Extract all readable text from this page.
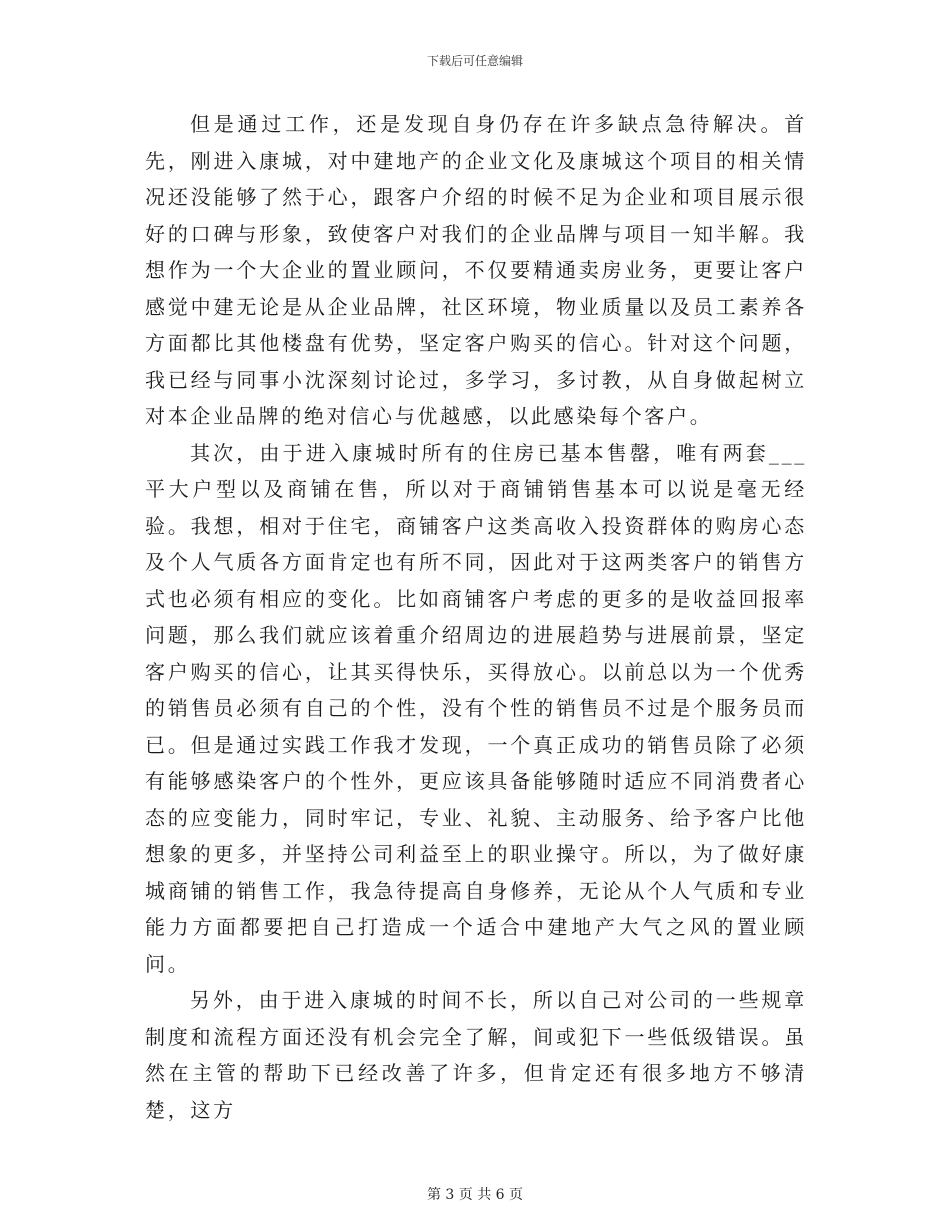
下载后可任意编辑

但是通过工作，还是发现自身仍存在许多缺点急待解决。首先，刚进入康城，对中建地产的企业文化及康城这个项目的相关情况还没能够了然于心，跟客户介绍的时候不足为企业和项目展示很好的口碑与形象，致使客户对我们的企业品牌与项目一知半解。我想作为一个大企业的置业顾问，不仅要精通卖房业务，更要让客户感觉中建无论是从企业品牌，社区环境，物业质量以及员工素养各方面都比其他楼盘有优势，坚定客户购买的信心。针对这个问题，我已经与同事小沈深刻讨论过，多学习，多讨教，从自身做起树立对本企业品牌的绝对信心与优越感，以此感染每个客户。

其次，由于进入康城时所有的住房已基本售罄，唯有两套___平大户型以及商铺在售，所以对于商铺销售基本可以说是毫无经验。我想，相对于住宅，商铺客户这类高收入投资群体的购房心态及个人气质各方面肯定也有所不同，因此对于这两类客户的销售方式也必须有相应的变化。比如商铺客户考虑的更多的是收益回报率问题，那么我们就应该着重介绍周边的进展趋势与进展前景，坚定客户购买的信心，让其买得快乐，买得放心。以前总以为一个优秀的销售员必须有自己的个性，没有个性的销售员不过是个服务员而已。但是通过实践工作我才发现，一个真正成功的销售员除了必须有能够感染客户的个性外，更应该具备能够随时适应不同消费者心态的应变能力，同时牢记，专业、礼貌、主动服务、给予客户比他想象的更多，并坚持公司利益至上的职业操守。所以，为了做好康城商铺的销售工作，我急待提高自身修养，无论从个人气质和专业能力方面都要把自己打造成一个适合中建地产大气之风的置业顾问。

另外，由于进入康城的时间不长，所以自己对公司的一些规章制度和流程方面还没有机会完全了解，间或犯下一些低级错误。虽然在主管的帮助下已经改善了许多，但肯定还有很多地方不够清楚，这方

第 3 页 共 6 页
